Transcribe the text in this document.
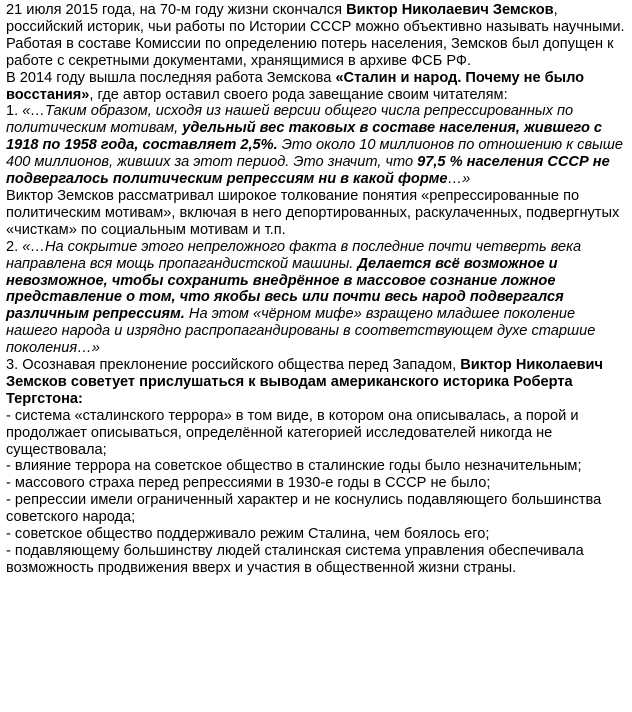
21 июля 2015 года, на 70-м году жизни скончался Виктор Николаевич Земсков, российский историк, чьи работы по Истории СССР можно объективно называть научными.

Работая в составе Комиссии по определению потерь населения, Земсков был допущен к работе с секретными документами, хранящимися в архиве ФСБ РФ.

В 2014 году вышла последняя работа Земскова «Сталин и народ. Почему не было восстания», где автор оставил своего рода завещание своим читателям:

1. «…Таким образом, исходя из нашей версии общего числа репрессированных по политическим мотивам, удельный вес таковых в составе населения, жившего с 1918 по 1958 года, составляет 2,5%. Это около 10 миллионов по отношению к свыше 400 миллионов, живших за этот период. Это значит, что 97,5 % населения СССР не подвергалось политическим репрессиям ни в какой форме…»

Виктор Земсков рассматривал широкое толкование понятия «репрессированные по политическим мотивам», включая в него депортированных, раскулаченных, подвергнутых «чисткам» по социальным мотивам и т.п.

2. «…На сокрытие этого непреложного факта в последние почти четверть века направлена вся мощь пропагандистской машины. Делается всё возможное и невозможное, чтобы сохранить внедрённое в массовое сознание ложное представление о том, что якобы весь или почти весь народ подвергался различным репрессиям. На этом «чёрном мифе» взращено младшее поколение нашего народа и изрядно распропагандированы в соответствующем духе старшие поколения…»

3. Осознавая преклонение российского общества перед Западом, Виктор Николаевич Земсков советует прислушаться к выводам американского историка Роберта Тергстона:

- система «сталинского террора» в том виде, в котором она описывалась, а порой и продолжает описываться, определённой категорией исследователей никогда не существовала;

- влияние террора на советское общество в сталинские годы было незначительным;

- массового страха перед репрессиями в 1930-е годы в СССР не было;

- репрессии имели ограниченный характер и не коснулись подавляющего большинства советского народа;

- советское общество поддерживало режим Сталина, чем боялось его;

- подавляющему большинству людей сталинская система управления обеспечивала возможность продвижения вверх и участия в общественной жизни страны.
